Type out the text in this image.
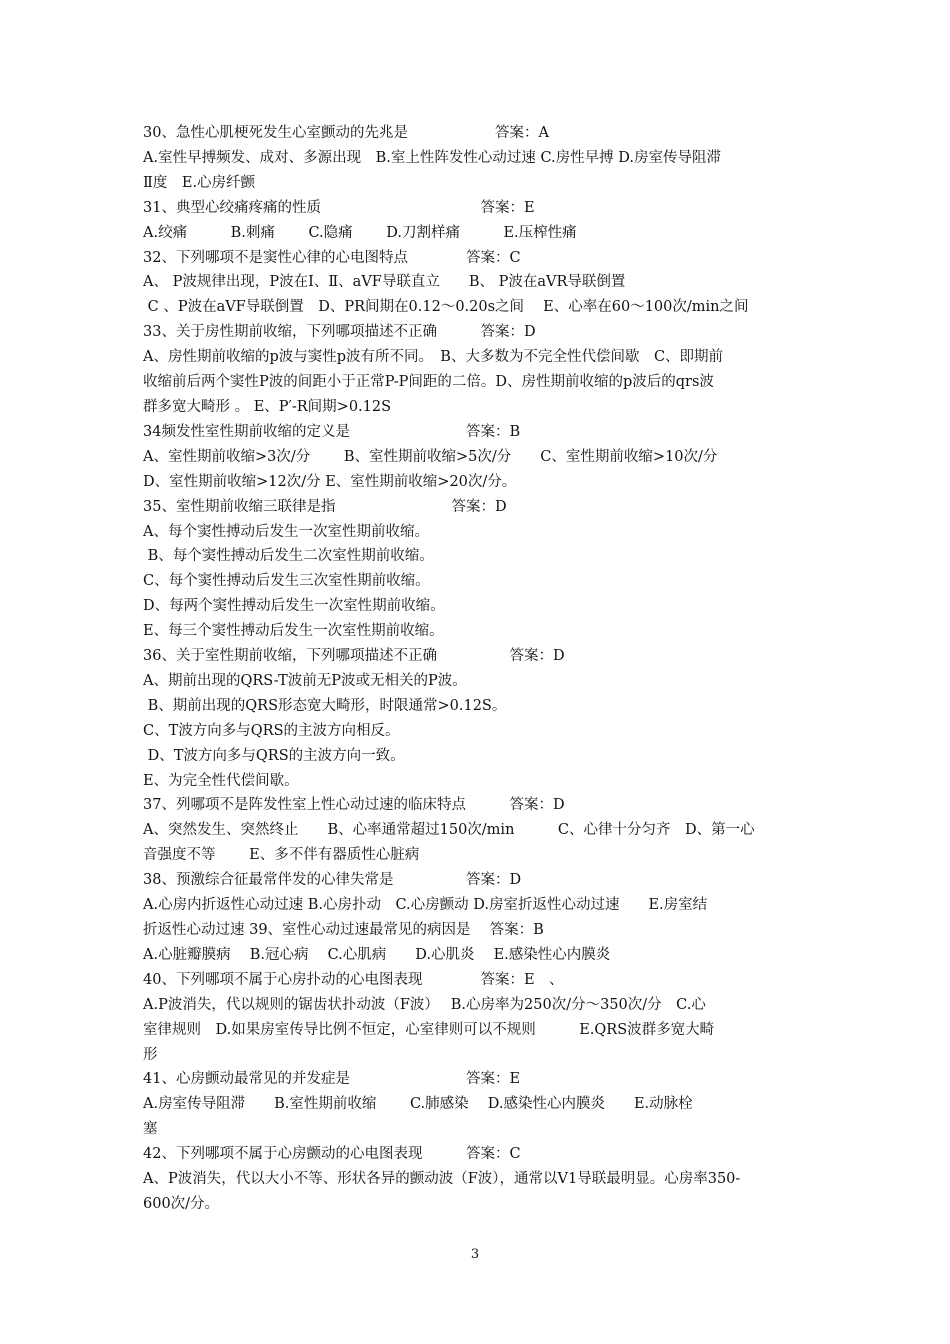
30、急性心肌梗死发生心室颤动的先兆是　　　　　　答案：A
A.室性早搏频发、成对、多源出现　B.室上性阵发性心动过速 C.房性早搏 D.房室传导阻滞
Ⅱ度　E.心房纤颤
31、典型心绞痛疼痛的性质　　　　　　　　　　　答案：E
A.绞痛　　　B.刺痛　　 C.隐痛　　 D.刀割样痛　　　E.压榨性痛
32、下列哪项不是窦性心律的心电图特点　　　　答案：C
A、 P波规律出现，P波在Ⅰ、Ⅱ、aVF导联直立　　B、 P波在aVR导联倒置
C 、P波在aVF导联倒置　D、PR间期在0.12～0.20s之间　 E、心率在60～100次/min之间
33、关于房性期前收缩，下列哪项描述不正确　　　答案：D
A、房性期前收缩的p波与窦性p波有所不同。　B、大多数为不完全性代偿间歇　C、即期前
收缩前后两个窦性P波的间距小于正常P-P间距的二倍。D、房性期前收缩的p波后的qrs波
群多宽大畸形 。 E、P′-R间期>0.12S
34频发性室性期前收缩的定义是　　　　　　　　答案：B
A、室性期前收缩>3次/分　　 B、室性期前收缩>5次/分　　C、室性期前收缩>10次/分
D、室性期前收缩>12次/分 E、室性期前收缩>20次/分。
35、室性期前收缩三联律是指　　　　　　　　答案：D
A、每个窦性搏动后发生一次室性期前收缩。
B、每个窦性搏动后发生二次室性期前收缩。
C、每个窦性搏动后发生三次室性期前收缩。
D、每两个窦性搏动后发生一次室性期前收缩。
E、每三个窦性搏动后发生一次室性期前收缩。
36、关于室性期前收缩，下列哪项描述不正确　　　　　答案：D
A、期前出现的QRS-T波前无P波或无相关的P波。
B、期前出现的QRS形态宽大畸形，时限通常>0.12S。
C、T波方向多与QRS的主波方向相反。
D、T波方向多与QRS的主波方向一致。
E、为完全性代偿间歇。
37、列哪项不是阵发性室上性心动过速的临床特点　　　答案：D
A、突然发生、突然终止　　B、心率通常超过150次/min　　　C、心律十分匀齐　D、第一心
音强度不等　　 E、多不伴有器质性心脏病
38、预激综合征最常伴发的心律失常是　　　　　答案：D
A.心房内折返性心动过速 B.心房扑动　C.心房颤动 D.房室折返性心动过速　　E.房室结
折返性心动过速 39、室性心动过速最常见的病因是　 答案：B
A.心脏瓣膜病　 B.冠心病　 C.心肌病　　D.心肌炎　 E.感染性心内膜炎
40、下列哪项不属于心房扑动的心电图表现　　　　答案：E　、
A.P波消失，代以规则的锯齿状扑动波（F波）　 B.心房率为250次/分～350次/分　C.心
室律规则　D.如果房室传导比例不恒定，心室律则可以不规则　　　E.QRS波群多宽大畸
形
41、心房颤动最常见的并发症是　　　　　　　　答案：E
A.房室传导阻滞　　B.室性期前收缩　　 C.肺感染　 D.感染性心内膜炎　　E.动脉栓
塞
42、下列哪项不属于心房颤动的心电图表现　　　答案：C
A、P波消失，代以大小不等、形状各异的颤动波（F波），通常以V1导联最明显。心房率350-
600次/分。
3
